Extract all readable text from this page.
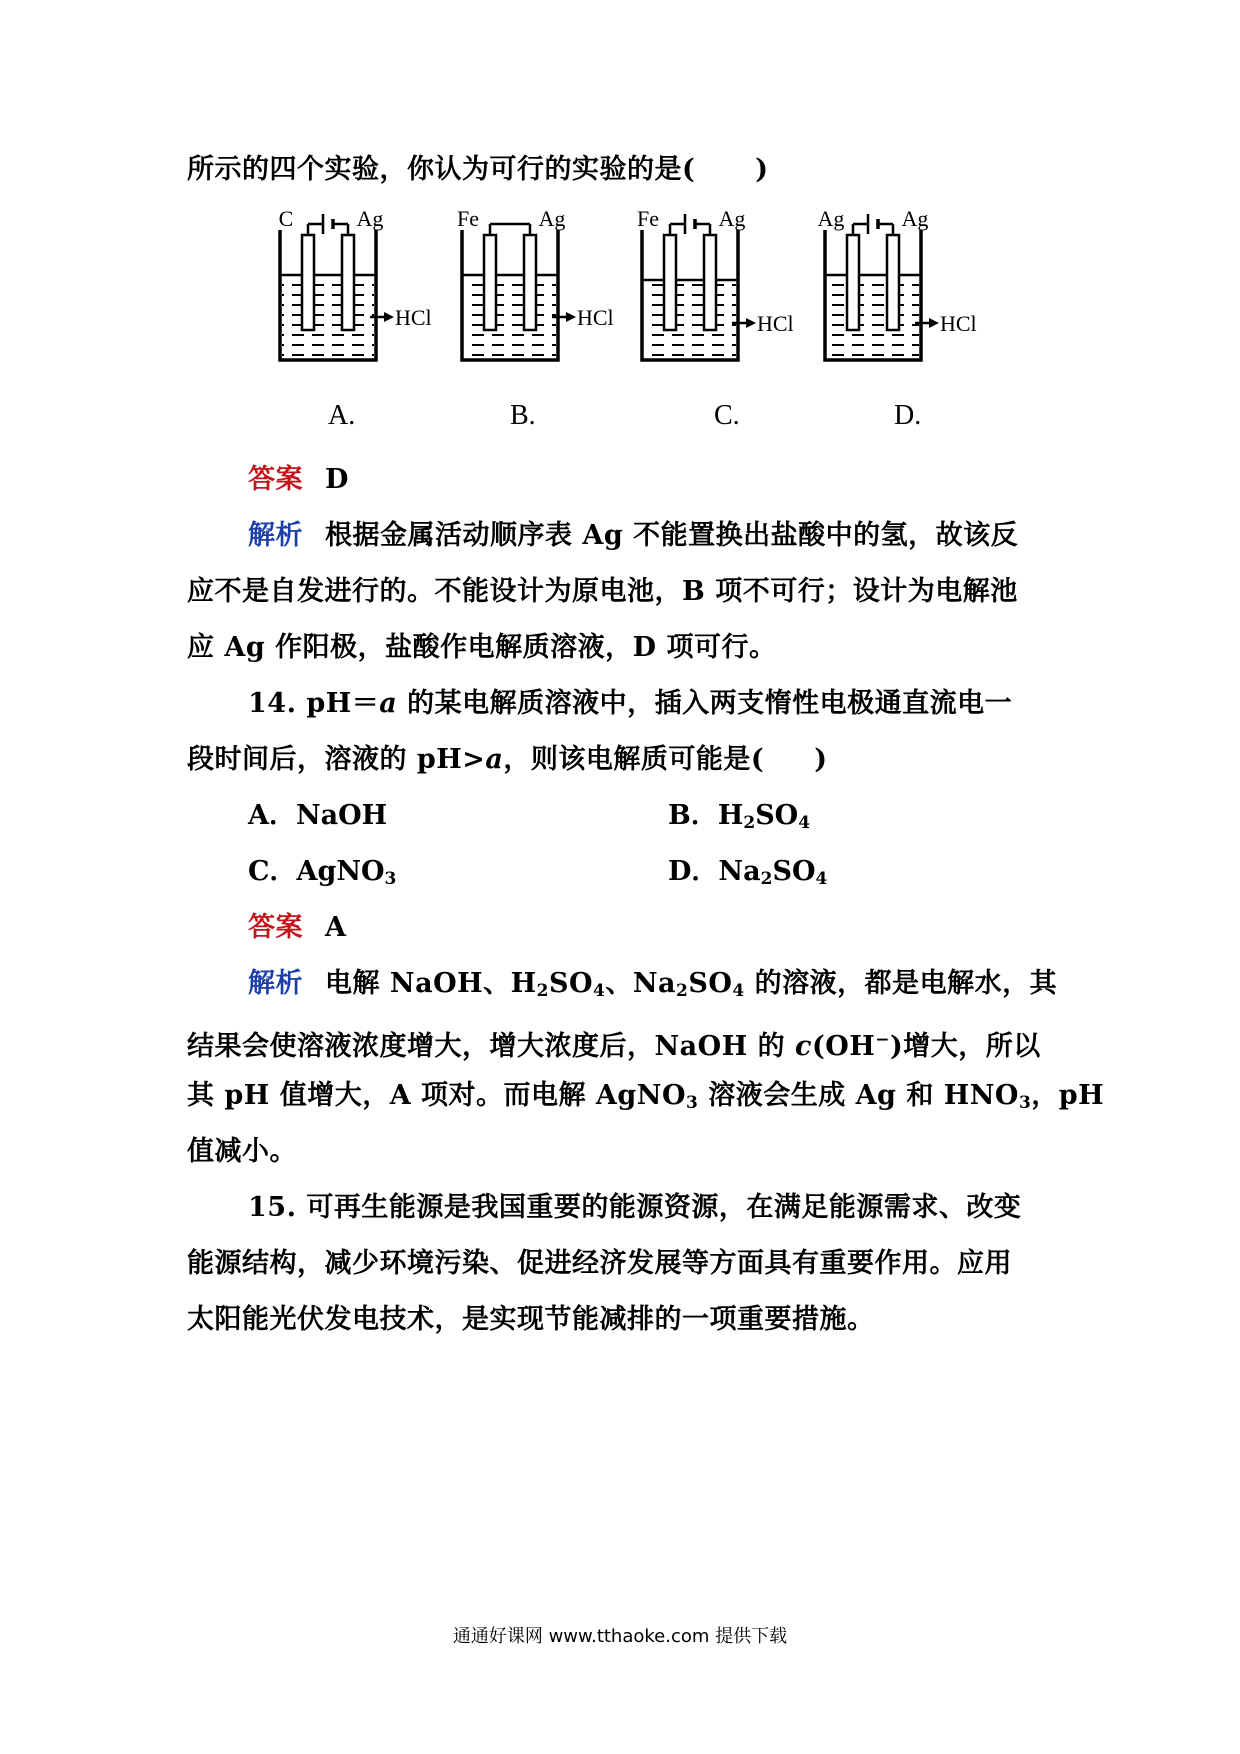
所示的四个实验，你认为可行的实验的是( )
C	Ag
HCl
Fe	Ag
HCl
Fe	Ag
HCl
Ag	Ag
HCl
A.	B.	C.	D.
答案 D
解析 根据金属活动顺序表 Ag 不能置换出盐酸中的氢，故该反
应不是自发进行的。不能设计为原电池，B 项不可行；设计为电解池
应 Ag 作阳极，盐酸作电解质溶液，D 项可行。
14. pH＝a 的某电解质溶液中，插入两支惰性电极通直流电一
段时间后，溶液的 pH>a，则该电解质可能是( )
A．NaOH	B．$H_2SO_4$
C．AgNO$_3$	D．$Na_2SO_4$
答案 A
解析 电解 NaOH、$H_2SO_4$、$Na_2SO_4$ 的溶液，都是电解水，其
结果会使溶液浓度增大，增大浓度后，NaOH 的 c(OH−)增大，所以
其 pH 值增大，A 项对。而电解 AgNO$_3$ 溶液会生成 Ag 和 $HNO_3$，pH
值减小。
15. 可再生能源是我国重要的能源资源，在满足能源需求、改变
能源结构，减少环境污染、促进经济发展等方面具有重要作用。应用
太阳能光伏发电技术，是实现节能减排的一项重要措施。
通通好课网 www.tthaoke.com 提供下载
